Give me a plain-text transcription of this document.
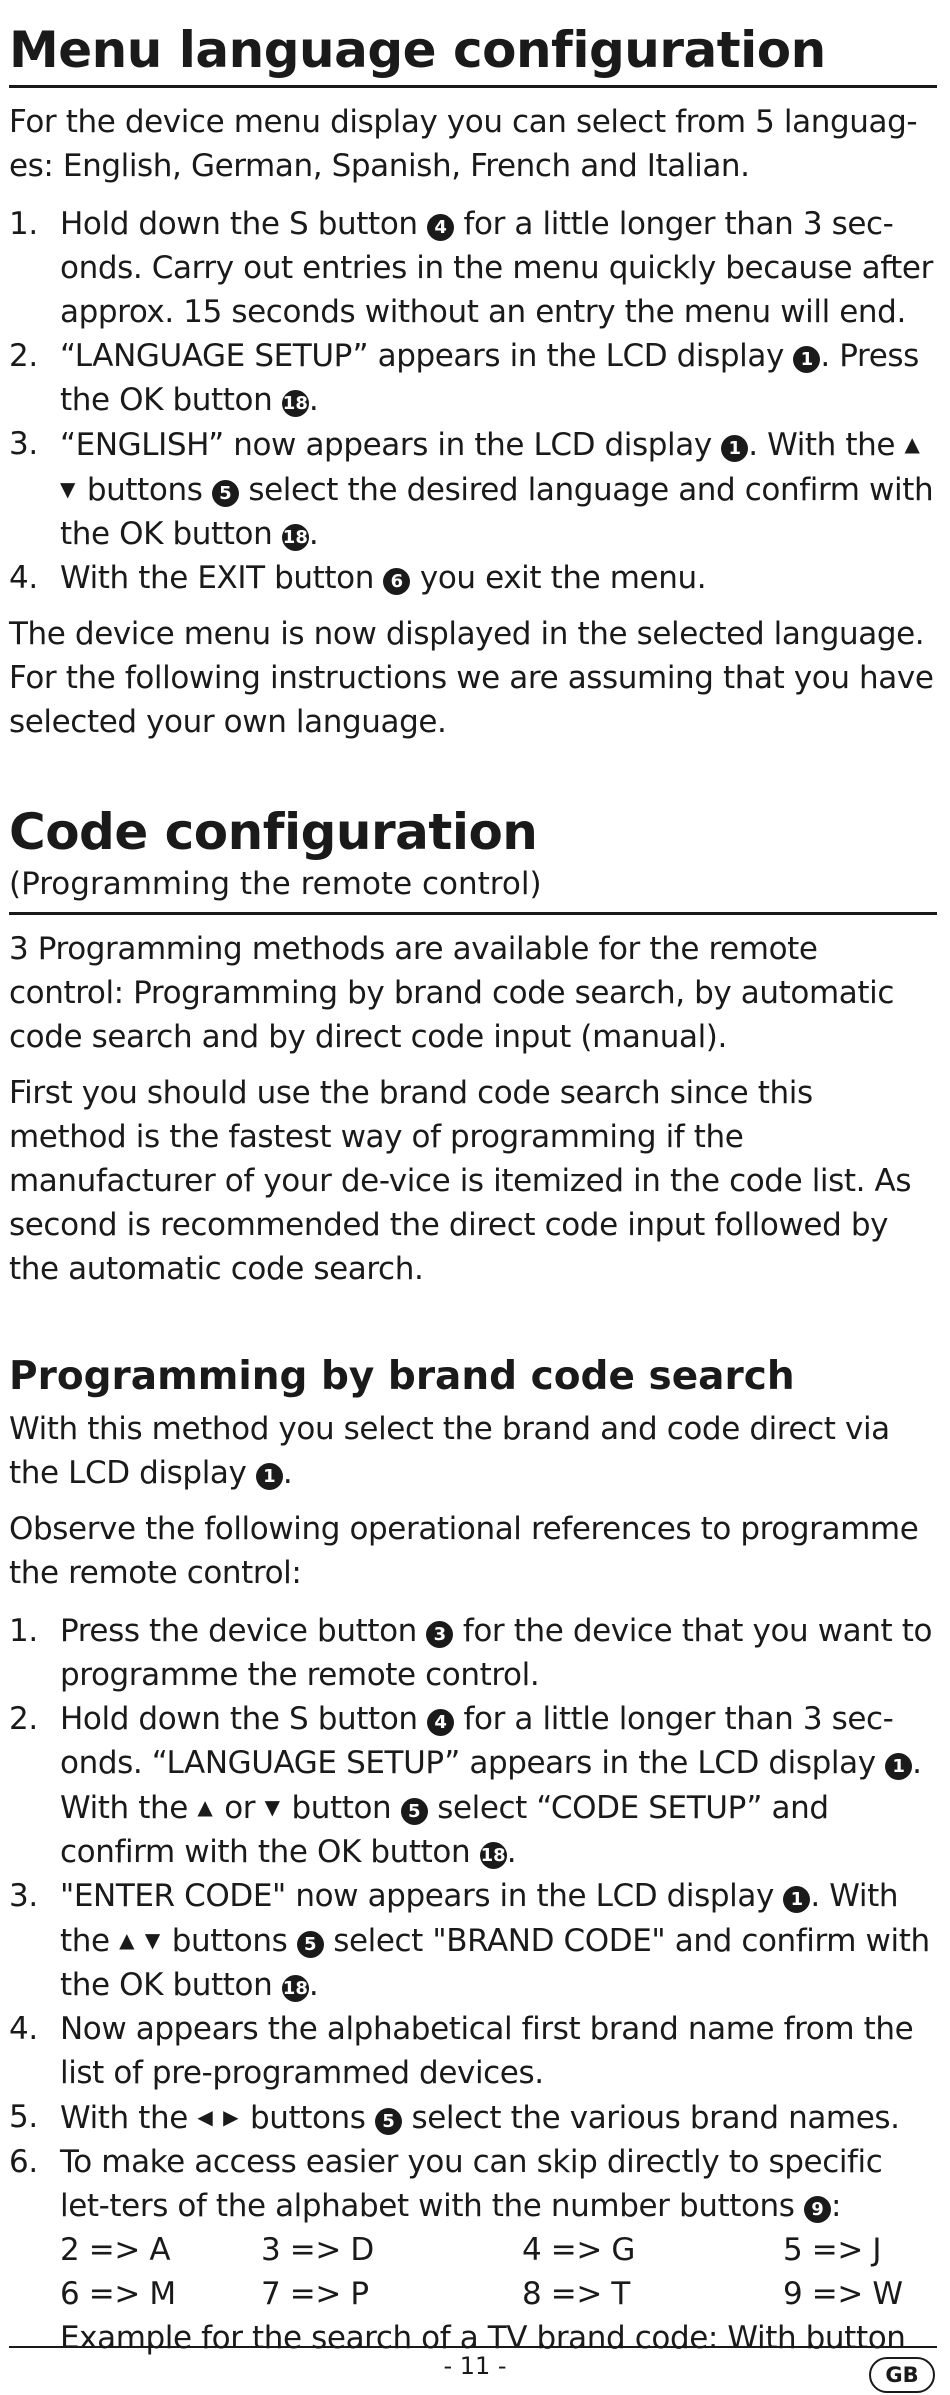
Menu language configuration

For the device menu display you can select from 5 languag-es: English, German, Spanish, French and Italian.

1. Hold down the S button 4 for a little longer than 3 sec-onds. Carry out entries in the menu quickly because after approx. 15 seconds without an entry the menu will end.
2. “LANGUAGE SETUP” appears in the LCD display 1 . Press the OK button 18.
3. “ENGLISH” now appears in the LCD display 1 . With the ▲ ▼ buttons 5 select the desired language and confirm with the OK button 18.
4. With the EXIT button 6 you exit the menu.

The device menu is now displayed in the selected language. For the following instructions we are assuming that you have selected your own language.

Code configuration
(Programming the remote control)

3 Programming methods are available for the remote control: Programming by brand code search, by automatic code search and by direct code input (manual).

First you should use the brand code search since this method is the fastest way of programming if the manufacturer of your de-vice is itemized in the code list. As second is recommended the direct code input followed by the automatic code search.

Programming by brand code search

With this method you select the brand and code direct via the LCD display 1 .

Observe the following operational references to programme the remote control:

1. Press the device button 3 for the device that you want to programme the remote control.
2. Hold down the S button 4 for a little longer than 3 sec-onds. “LANGUAGE SETUP” appears in the LCD display 1 . With the ▲ or ▼ button 5 select “CODE SETUP” and confirm with the OK button 18.
3. "ENTER CODE" now appears in the LCD display 1 . With the ▲ ▼ buttons 5 select "BRAND CODE" and confirm with the OK button 18.
4. Now appears the alphabetical first brand name from the list of pre-programmed devices.
5. With the ◀ ▶ buttons 5 select the various brand names.
6. To make access easier you can skip directly to specific let-ters of the alphabet with the number buttons 9 :
2 => A	3 => D	4 => G	5 => J
6 => M	7 => P	8 => T	9 => W
Example for the search of a TV brand code: With button
- 11 -	GB
